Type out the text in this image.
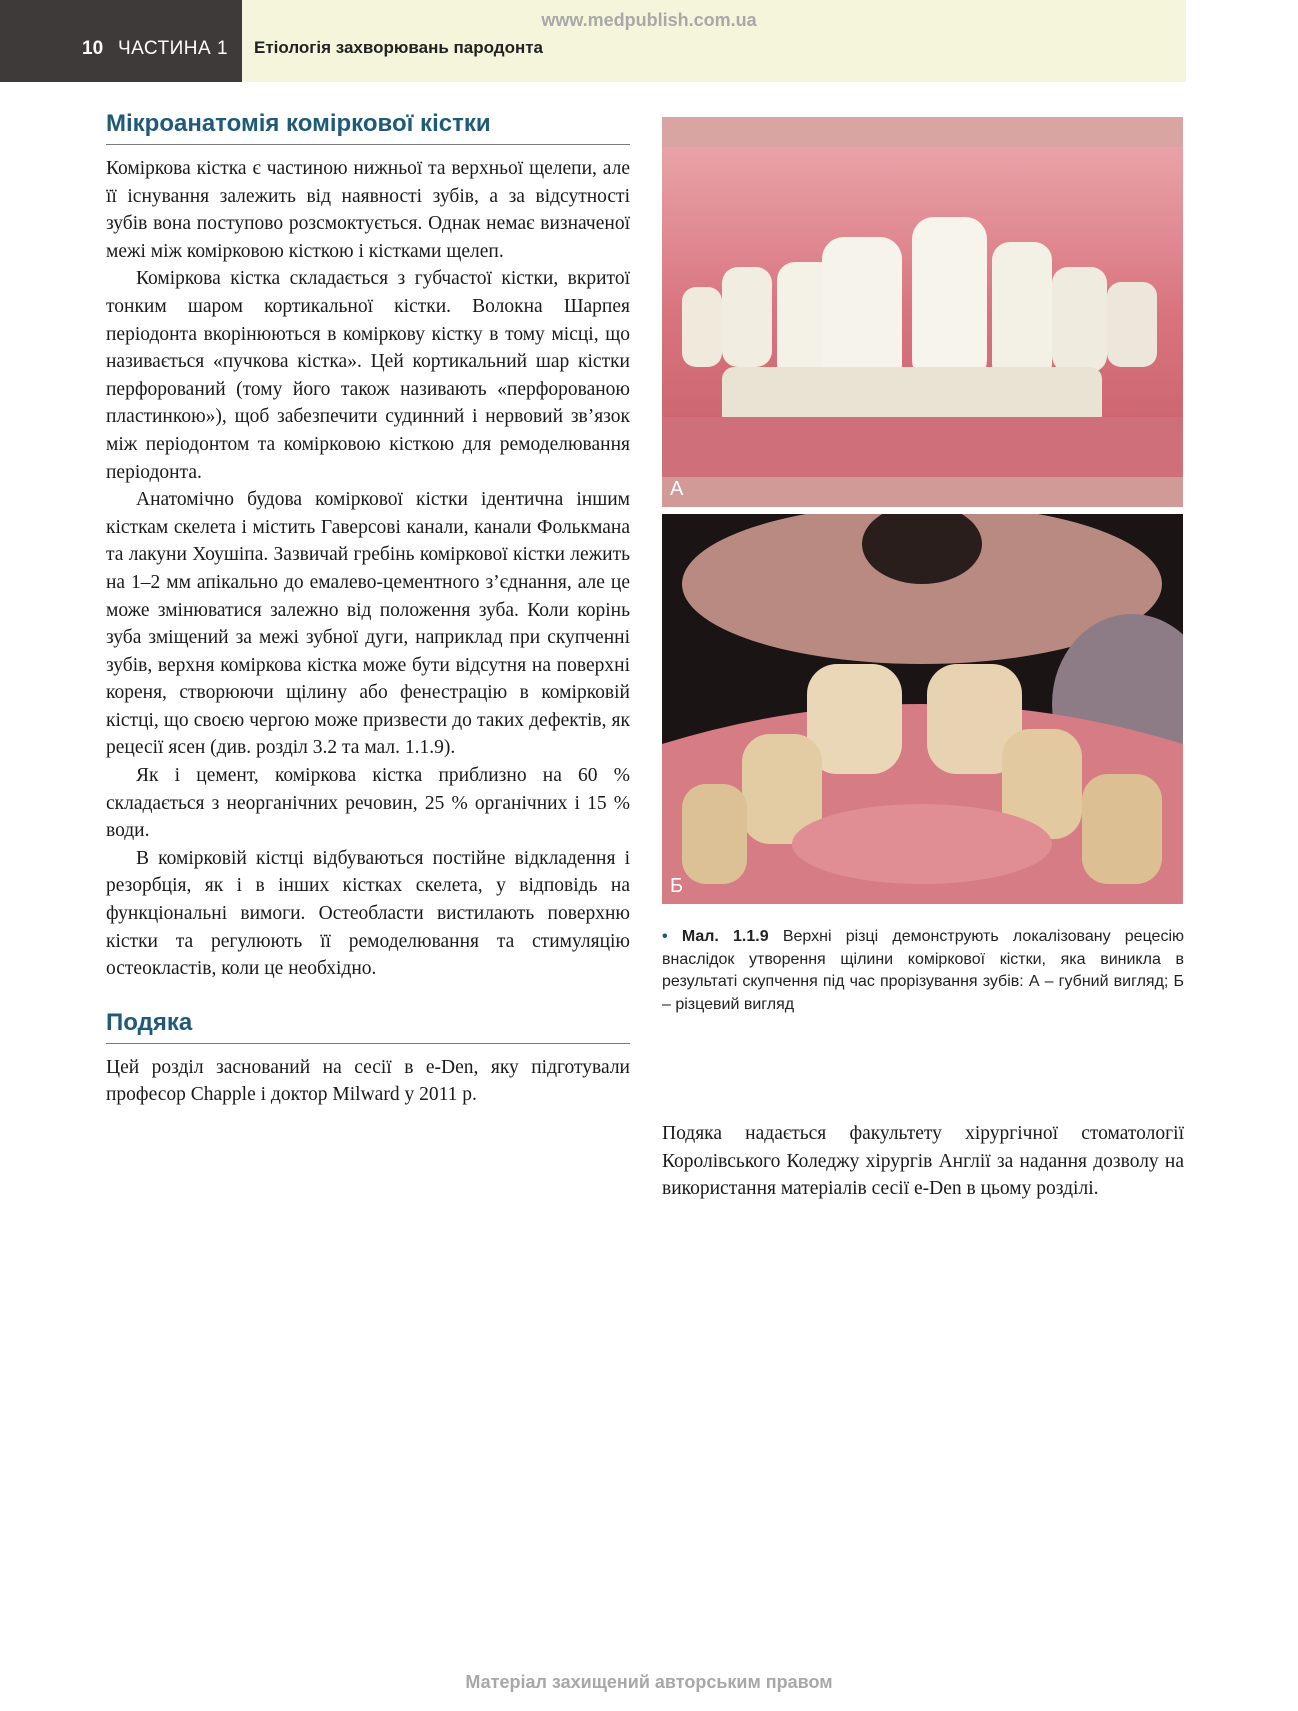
10 ЧАСТИНА 1 Етіологія захворювань пародонта
www.medpublish.com.ua
Мікроанатомія коміркової кістки

Коміркова кістка є частиною нижньої та верхньої щелепи, але її існування залежить від наявності зубів, а за відсутності зубів вона поступово розсмоктується. Однак немає визначеної межі між комірковою кісткою і кістками щелеп.

Коміркова кістка складається з губчастої кістки, вкритої тонким шаром кортикальної кістки. Волокна Шарпея періодонта вкорінюються в коміркову кістку в тому місці, що називається «пучкова кістка». Цей кортикальний шар кістки перфорований (тому його також називають «перфорованою пластинкою»), щоб забезпечити судинний і нервовий зв’язок між періодонтом та комірковою кісткою для ремоделювання періодонта.

Анатомічно будова коміркової кістки ідентична іншим кісткам скелета і містить Гаверсові канали, канали Фолькмана та лакуни Хоушіпа. Зазвичай гребінь коміркової кістки лежить на 1–2 мм апікально до емалево-цементного з’єднання, але це може змінюватися залежно від положення зуба. Коли корінь зуба зміщений за межі зубної дуги, наприклад при скупченні зубів, верхня коміркова кістка може бути відсутня на поверхні кореня, створюючи щілину або фенестрацію в комірковій кістці, що своєю чергою може призвести до таких дефектів, як рецесії ясен (див. розділ 3.2 та мал. 1.1.9).

Як і цемент, коміркова кістка приблизно на 60 % складається з неорганічних речовин, 25 % органічних і 15 % води.

В комірковій кістці відбуваються постійне відкладення і резорбція, як і в інших кістках скелета, у відповідь на функціональні вимоги. Остеобласти вистилають поверхню кістки та регулюють її ремоделювання та стимуляцію остеокластів, коли це необхідно.

Подяка

Цей розділ заснований на сесії в e-Den, яку підготували професор Chapple і доктор Milward у 2011 р.

А
Б
• Мал. 1.1.9 Верхні різці демонструють локалізовану рецесію внаслідок утворення щілини коміркової кістки, яка виникла в результаті скупчення під час прорізування зубів: А – губний вигляд; Б – різцевий вигляд

Подяка надається факультету хірургічної стоматології Королівського Коледжу хірургів Англії за надання дозволу на використання матеріалів сесії e-Den в цьому розділі.

Матеріал захищений авторським правом
